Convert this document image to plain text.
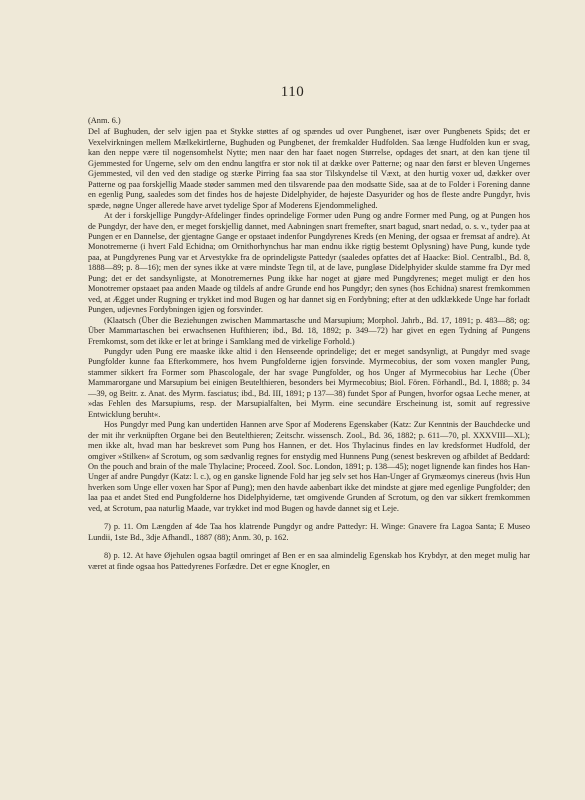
110

(Anm. 6.)

Del af Bughuden, der selv igjen paa et Stykke støttes af og spændes ud over Pungbenet, især over Pungbenets Spids; det er Vexelvirkningen mellem Mælkekirtlerne, Bughuden og Pungbenet, der fremkalder Hudfolden. Saa længe Hudfolden kun er svag, kan den neppe være til nogensomhelst Nytte; men naar den har faaet nogen Størrelse, opdages det snart, at den kan tjene til Gjemmested for Ungerne, selv om den endnu langtfra er stor nok til at dække over Patterne; og naar den først er bleven Ungernes Gjemmested, vil den ved den stadige og stærke Pirring faa saa stor Tilskyndelse til Væxt, at den hurtig voxer ud, dækker over Patterne og paa forskjellig Maade støder sammen med den tilsvarende paa den modsatte Side, saa at de to Folder i Forening danne en egenlig Pung, saaledes som det findes hos de højeste Didelphyider, de højeste Dasyurider og hos de fleste andre Pungdyr, hvis spæde, nøgne Unger allerede have arvet tydelige Spor af Moderens Ejendommelighed.

At der i forskjellige Pungdyr-Afdelinger findes oprindelige Former uden Pung og andre Former med Pung, og at Pungen hos de Pungdyr, der have den, er meget forskjellig dannet, med Aabningen snart fremefter, snart bagud, snart nedad, o. s. v., tyder paa at Pungen er en Dannelse, der gjentagne Gange er opstaaet indenfor Pungdyrenes Kreds (en Mening, der ogsaa er fremsat af andre). At Monotremerne (i hvert Fald Echidna; om Ornithorhynchus har man endnu ikke rigtig bestemt Oplysning) have Pung, kunde tyde paa, at Pungdyrenes Pung var et Arvestykke fra de oprindeligste Pattedyr (saaledes opfattes det af Haacke: Biol. Centralbl., Bd. 8, 1888—89; p. 8—16); men der synes ikke at være mindste Tegn til, at de lave, pungløse Didelphyider skulde stamme fra Dyr med Pung; det er det sandsynligste, at Monotremernes Pung ikke har noget at gjøre med Pungdyrenes; meget muligt er den hos Monotremer opstaaet paa anden Maade og tildels af andre Grunde end hos Pungdyr; den synes (hos Echidna) snarest fremkommen ved, at Ægget under Rugning er trykket ind mod Bugen og har dannet sig en Fordybning; efter at den udklækkede Unge har forladt Pungen, udjevnes Fordybningen igjen og forsvinder.

(Klaatsch (Über die Beziehungen zwischen Mammartasche und Marsupium; Morphol. Jahrb., Bd. 17, 1891; p. 483—88; og: Über Mammartaschen bei erwachsenen Hufthieren; ibd., Bd. 18, 1892; p. 349—72) har givet en egen Tydning af Pungens Fremkomst, som det ikke er let at bringe i Samklang med de virkelige Forhold.)

Pungdyr uden Pung ere maaske ikke altid i den Henseende oprindelige; det er meget sandsynligt, at Pungdyr med svage Pungfolder kunne faa Efterkommere, hos hvem Pungfolderne igjen forsvinde. Myrmecobius, der som voxen mangler Pung, stammer sikkert fra Former som Phascologale, der har svage Pungfolder, og hos Unger af Myrmecobius har Leche (Über Mammarorgane und Marsupium bei einigen Beutelthieren, besonders bei Myrmecobius; Biol. Fören. Förhandl., Bd. I, 1888; p. 34—39, og Beitr. z. Anat. des Myrm. fasciatus; ibd., Bd. III, 1891; p 137—38) fundet Spor af Pungen, hvorfor ogsaa Leche mener, at »das Fehlen des Marsupiums, resp. der Marsupialfalten, bei Myrm. eine secundäre Erscheinung ist, somit auf regressive Entwicklung beruht«.

Hos Pungdyr med Pung kan undertiden Hannen arve Spor af Moderens Egenskaber (Katz: Zur Kenntnis der Bauchdecke und der mit ihr verknüpften Organe bei den Beutelthieren; Zeitschr. wissensch. Zool., Bd. 36, 1882; p. 611—70, pl. XXXVIII—XL); men ikke alt, hvad man har beskrevet som Pung hos Hannen, er det. Hos Thylacinus findes en lav kredsformet Hudfold, der omgiver »Stilken« af Scrotum, og som sædvanlig regnes for enstydig med Hunnens Pung (senest beskreven og afbildet af Beddard: On the pouch and brain of the male Thylacine; Proceed. Zool. Soc. London, 1891; p. 138—45); noget lignende kan findes hos Han-Unger af andre Pungdyr (Katz: l. c.), og en ganske lignende Fold har jeg selv set hos Han-Unger af Grymæomys cinereus (hvis Hun hverken som Unge eller voxen har Spor af Pung); men den havde aabenbart ikke det mindste at gjøre med egenlige Pungfolder; den laa paa et andet Sted end Pungfolderne hos Didelphyiderne, tæt omgivende Grunden af Scrotum, og den var sikkert fremkommen ved, at Scrotum, paa naturlig Maade, var trykket ind mod Bugen og havde dannet sig et Leje.

7) p. 11. Om Længden af 4de Taa hos klatrende Pungdyr og andre Pattedyr: H. Winge: Gnavere fra Lagoa Santa; E Museo Lundii, 1ste Bd., 3dje Afhandl., 1887 (88); Anm. 30, p. 162.

8) p. 12. At have Øjehulen ogsaa bagtil omringet af Ben er en saa almindelig Egenskab hos Krybdyr, at den meget mulig har været at finde ogsaa hos Pattedyrenes Forfædre. Det er egne Knogler, en
